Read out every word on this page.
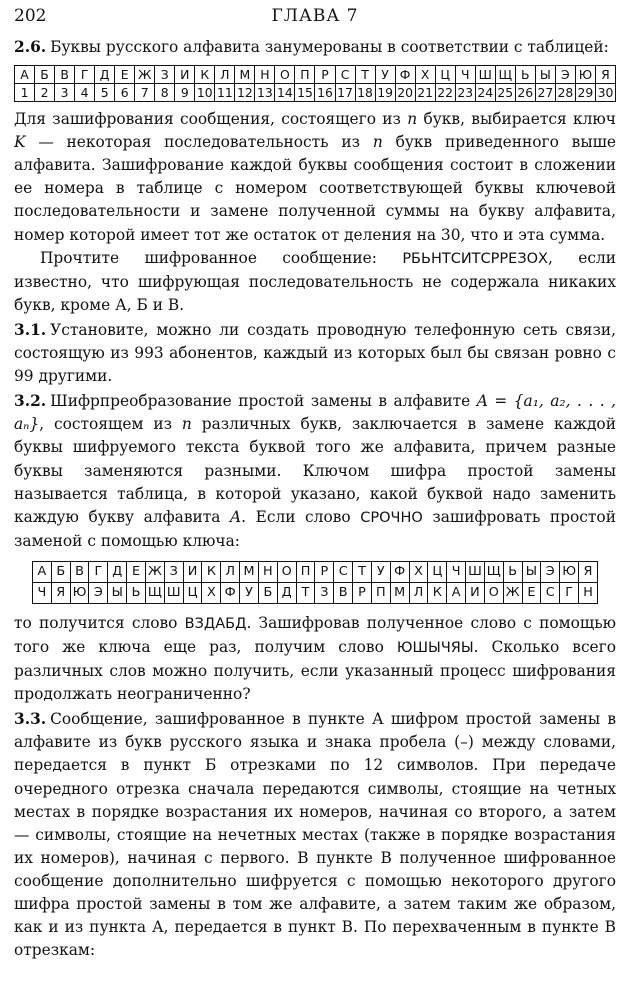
202	ГЛАВА 7

2.6. Буквы русского алфавита занумерованы в соответствии с таблицей:

А	Б	В	Г	Д	Е	Ж	З	И	К	Л	М	Н	О	П	Р	С	Т	У	Ф	Х	Ц	Ч	Ш	Щ	Ь	Ы	Э	Ю	Я
1	2	3	4	5	6	7	8	9	10	11	12	13	14	15	16	17	18	19	20	21	22	23	24	25	26	27	28	29	30

Для зашифрования сообщения, состоящего из n букв, выбирается ключ K — некоторая последовательность из n букв приведенного выше алфавита. Зашифрование каждой буквы сообщения состоит в сложении ее номера в таблице с номером соответствующей буквы ключевой последовательности и замене полученной суммы на букву алфавита, номер которой имеет тот же остаток от деления на 30, что и эта сумма.

Прочтите шифрованное сообщение: РБЬНТСИТСРРЕЗОХ, если известно, что шифрующая последовательность не содержала никаких букв, кроме А, Б и В.

3.1. Установите, можно ли создать проводную телефонную сеть связи, состоящую из 993 абонентов, каждый из которых был бы связан ровно с 99 другими.

3.2. Шифрпреобразование простой замены в алфавите A = {a₁, a₂, . . . , aₙ}, состоящем из n различных букв, заключается в замене каждой буквы шифруемого текста буквой того же алфавита, причем разные буквы заменяются разными. Ключом шифра простой замены называется таблица, в которой указано, какой буквой надо заменить каждую букву алфавита A. Если слово СРОЧНО зашифровать простой заменой с помощью ключа:

А	Б	В	Г	Д	Е	Ж	З	И	К	Л	М	Н	О	П	Р	С	Т	У	Ф	Х	Ц	Ч	Ш	Щ	Ь	Ы	Э	Ю	Я
Ч	Я	Ю	Э	Ы	Ь	Щ	Ш	Ц	Х	Ф	У	Б	Д	Т	З	В	Р	П	М	Л	К	А	И	О	Ж	Е	С	Г	Н

то получится слово ВЗДАБД. Зашифровав полученное слово с помощью того же ключа еще раз, получим слово ЮШЫЧЯЫ. Сколько всего различных слов можно получить, если указанный процесс шифрования продолжать неограниченно?

3.3. Сообщение, зашифрованное в пункте А шифром простой замены в алфавите из букв русского языка и знака пробела (–) между словами, передается в пункт Б отрезками по 12 символов. При передаче очередного отрезка сначала передаются символы, стоящие на четных местах в порядке возрастания их номеров, начиная со второго, а затем — символы, стоящие на нечетных местах (также в порядке возрастания их номеров), начиная с первого. В пункте В полученное шифрованное сообщение дополнительно шифруется с помощью некоторого другого шифра простой замены в том же алфавите, а затем таким же образом, как и из пункта А, передается в пункт В. По перехваченным в пункте В отрезкам:
